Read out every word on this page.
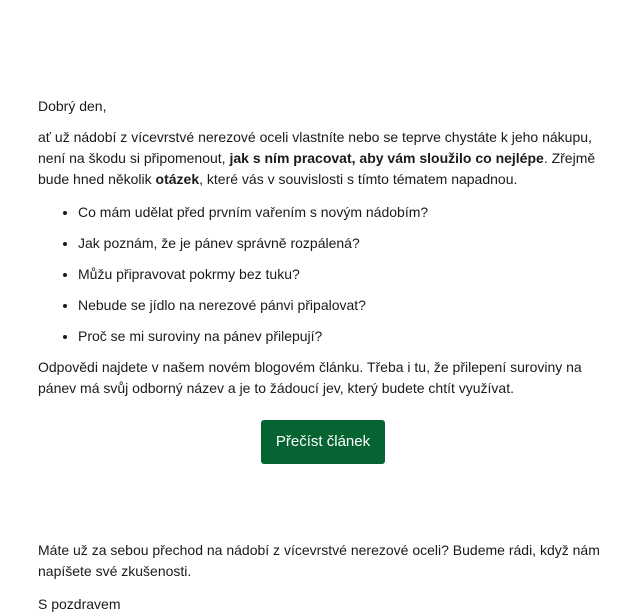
Dobrý den,

ať už nádobí z vícevrstvé nerezové oceli vlastníte nebo se teprve chystáte k jeho nákupu, není na škodu si připomenout, jak s ním pracovat, aby vám sloužilo co nejlépe. Zřejmě bude hned několik otázek, které vás v souvislosti s tímto tématem napadnou.

• Co mám udělat před prvním vařením s novým nádobím?
• Jak poznám, že je pánev správně rozpálená?
• Můžu připravovat pokrmy bez tuku?
• Nebude se jídlo na nerezové pánvi připalovat?
• Proč se mi suroviny na pánev přilepují?

Odpovědi najdete v našem novém blogovém článku. Třeba i tu, že přilepení suroviny na pánev má svůj odborný název a je to žádoucí jev, který budete chtít využívat.

Přečíst článek

Máte už za sebou přechod na nádobí z vícevrstvé nerezové oceli? Budeme rádi, když nám napíšete své zkušenosti.

S pozdravem
